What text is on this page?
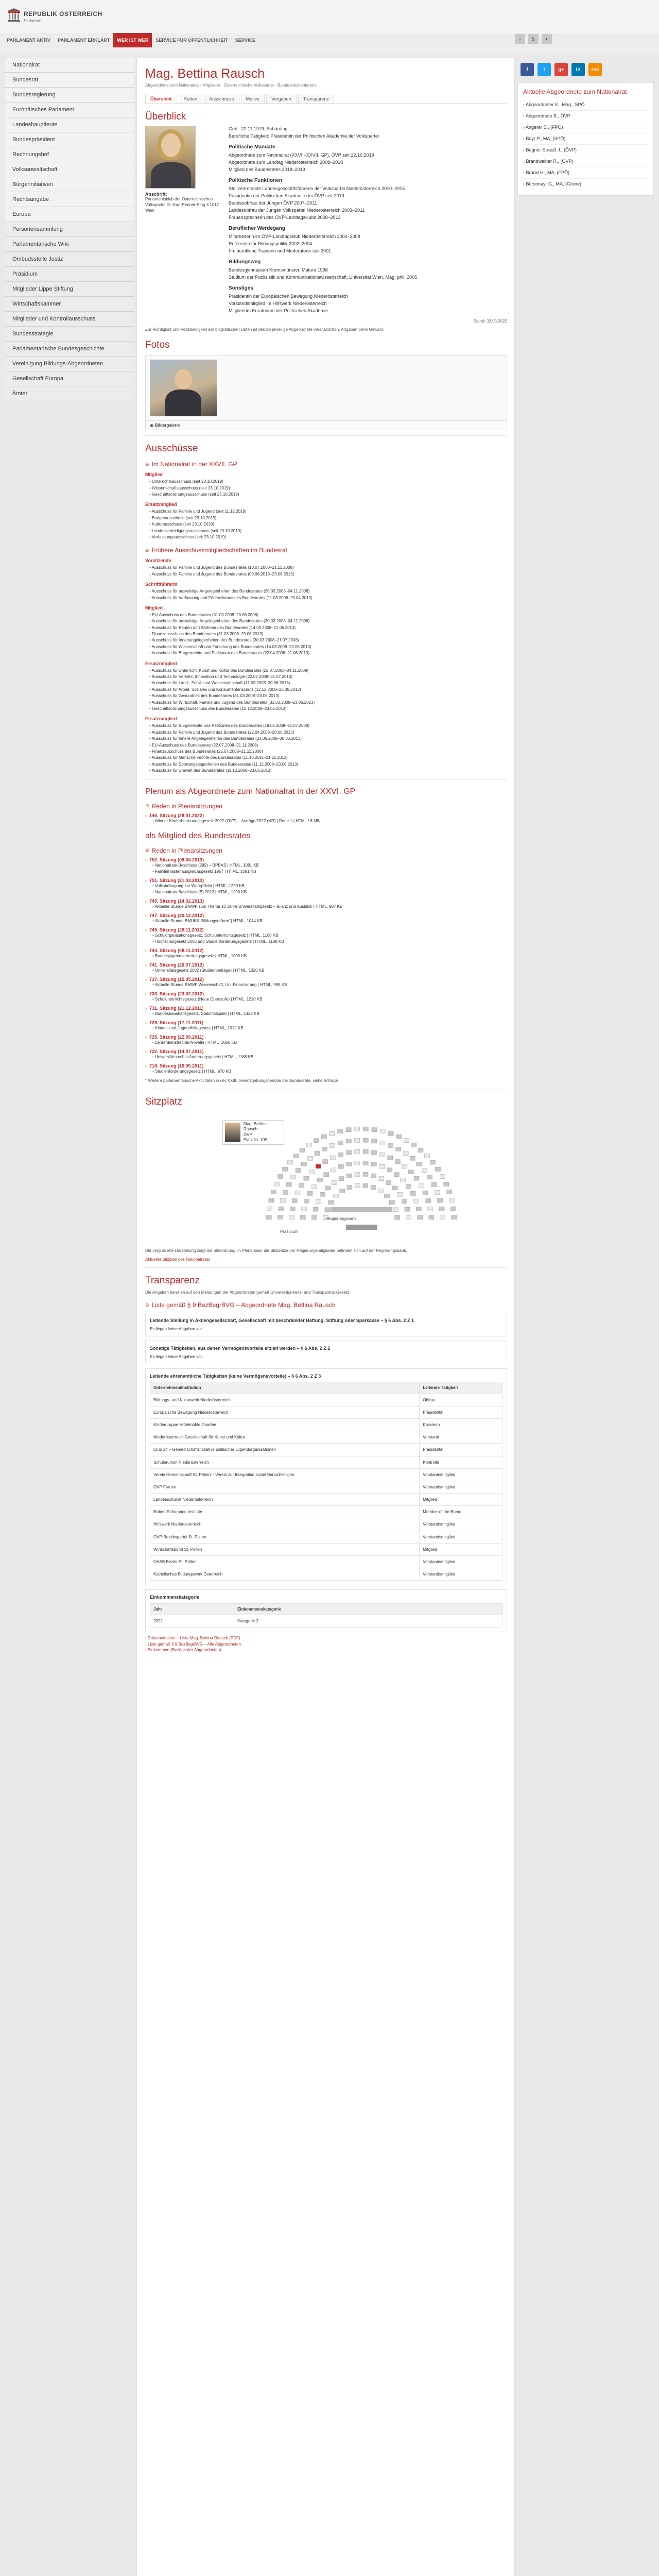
REPUBLIK ÖSTERREICH
Parlament
PARLAMENT AKTIV	PARLAMENT ERKLÄRT	WER IST WER	SERVICE FÜR ÖFFENTLICHKEIT	SERVICE	⌕	♿	◐
Nationalrat
Bundesrat
Bundesregierung
Europäisches Parlament
Landeshauptleute
Bundespräsident
Rechnungshof
Volksanwaltschaft
Bürgerinitiativen
Rechtsangabe
Europa
Personensammlung
Parlamentarische Wiki
Ombudsstelle Justiz
Präsidium
Mitglieder Lippe Stiftung
Wirtschaftskammer
Mitglieder und Kontrollausschuss
Bundesstrategie
Parlamentarische Bundesgeschichte
Vereinigung Bildungs-Abgeordneten
Gesellschaft Europa
Ämter
Mag. Bettina Rausch
Abgeordnete zum Nationalrat · Mitglieder · Österreichische Volkspartei · Bundesratskonferenz
Übersicht	Reden	Ausschüsse	Motive	Vergaben	Transparenz
Überblick
Anschrift:

Parlamentsklub der Österreichischen Volkspartei Dr.-Karl-Renner-Ring 3 1017 Wien

Geb.: 22.11.1979, Schärding

Berufliche Tätigkeit: Präsidentin der Politischen Akademie der Volkspartei

Politische Mandate

Abgeordnete zum Nationalrat (XXVI.–XXVII. GP), ÖVP seit 22.10.2019

Abgeordnete zum Landtag Niederösterreich 2008–2018

Mitglied des Bundesrates 2018–2019

Politische Funktionen

Stellvertretende Landesgeschäftsführerin der Volkspartei Niederösterreich 2010–2015

Präsidentin der Politischen Akademie der ÖVP seit 2019

Bundesobfrau der Jungen ÖVP 2007–2011

Landesobfrau der Jungen Volkspartei Niederösterreich 2003–2011

Frauensprecherin des ÖVP-Landtagsklubs 2008–2013

Beruflicher Werdegang

Mitarbeiterin im ÖVP-Landtagsklub Niederösterreich 2004–2008

Referentin für Bildungspolitik 2002–2004

Freiberufliche Trainerin und Moderatorin seit 2001

Bildungsweg

Bundesgymnasium Kremsmünster, Matura 1998

Studium der Publizistik und Kommunikationswissenschaft, Universität Wien, Mag. phil. 2005

Sonstiges

Präsidentin der Europäischen Bewegung Niederösterreich

Vorstandsmitglied im Hilfswerk Niederösterreich

Mitglied im Kuratorium der Politischen Akademie

Stand: 02.03.2022
Zur Richtigkeit und Vollständigkeit der biografischen Daten ist der/die jeweilige Abgeordnete verantwortlich. Angaben ohne Gewähr.
Fotos
▣ Bildergalerie
Ausschüsse
⊖ Im Nationalrat in der XXVII. GP
Mitglied
• Unterrichtsausschuss (seit 23.10.2019)
• Wissenschaftsausschuss (seit 23.10.2019)
• Geschäftsordnungsausschuss (seit 23.10.2019)
Ersatzmitglied
• Ausschuss für Familie und Jugend (seit 11.12.2019)
• Budgetausschuss (seit 23.10.2019)
• Kulturausschuss (seit 23.10.2019)
• Landesverteidigungsausschuss (seit 23.10.2019)
• Verfassungsausschuss (seit 23.10.2019)
⊖ Frühere Ausschussmitgliedschaften im Bundesrat
Vorsitzende
• Ausschuss für Familie und Jugend des Bundesrates (10.07.2008–21.11.2008)
• Ausschuss für Familie und Jugend des Bundesrates (09.06.2013–23.06.2013)
Schriftführerin
• Ausschuss für auswärtige Angelegenheiten des Bundesrates (30.03.2008–04.11.2008)
• Ausschuss für Verfassung und Föderalismus des Bundesrates (11.03.2008–23.04.2013)
Mitglied
• EU-Ausschuss des Bundesrates (31.03.2008–23.06.2008)
• Ausschuss für auswärtige Angelegenheiten des Bundesrates (30.03.2008–04.11.2008)
• Ausschuss für Bauten und Wohnen des Bundesrates (14.03.2008–21.06.2013)
• Finanzausschuss des Bundesrates (31.03.2008–23.06.2013)
• Ausschuss für Innenangelegenheiten des Bundesrates (30.03.2008–21.07.2008)
• Ausschuss für Wissenschaft und Forschung des Bundesrates (14.03.2008–23.06.2013)
• Ausschuss für Bürgerrechte und Petitionen des Bundesrates (22.04.2008–21.06.2013)
Ersatzmitglied
• Ausschuss für Unterricht, Kunst und Kultur des Bundesrates (22.07.2008–04.11.2008)
• Ausschuss für Verkehr, Innovation und Technologie (22.07.2008–31.07.2013)
• Ausschuss für Land-, Forst- und Wasserwirtschaft (31.03.2008–30.06.2013)
• Ausschuss für Arbeit, Soziales und Konsumentenschutz (12.12.2008–23.06.2013)
• Ausschuss für Gesundheit des Bundesrates (31.03.2008–23.06.2013)
• Ausschuss für Wirtschaft, Familie und Jugend des Bundesrates (31.03.2008–23.06.2013)
• Geschäftsordnungsausschuss des Bundesrates (12.12.2008–23.06.2013)
Ersatzmitglied
• Ausschuss für Bürgerrechte und Petitionen des Bundesrates (19.05.2008–21.07.2008)
• Ausschuss für Familie und Jugend des Bundesrates (22.04.2008–20.06.2013)
• Ausschuss für Innere Angelegenheiten des Bundesrates (23.06.2008–30.06.2013)
• EU-Ausschuss des Bundesrates (22.07.2008–21.11.2008)
• Finanzausschuss des Bundesrates (22.07.2008–21.11.2008)
• Ausschuss für Menschenrechte des Bundesrates (11.10.2011–21.11.2013)
• Ausschuss für Sportangelegenheiten des Bundesrates (11.12.2008–23.06.2013)
• Ausschuss für Umwelt des Bundesrates (11.12.2008–23.06.2013)
Plenum als Abgeordnete zum Nationalrat in der XXVI. GP
⊖ Reden in Plenarsitzungen
› 146. Sitzung (28.01.2022)
• Wiener Kinderbetreuungsgesetz 2022 (ÖVP) – Anträge/2022 (NR) | Rede 1 | HTML / 6 MB
als Mitglied des Bundesrates
⊖ Reden in Plenarsitzungen
› 752. Sitzung (09.04.2013)
• Nationalrats-Beschluss (299) – BPBAS | HTML, 1081 KB
• Familienlastenausgleichsgesetz 1967 | HTML, 1081 KB
› 751. Sitzung (21.03.2013)
• Volksbefragung zur Wehrpflicht | HTML, 1290 KB
• Nationalrats-Beschluss (B) 2012 | HTML, 1290 KB
› 749. Sitzung (14.02.2013)
• Aktuelle Stunde BMWF zum Thema 10 Jahre Universitätsgesetz – Bilanz und Ausblick | HTML, 987 KB
› 747. Sitzung (20.12.2012)
• Aktuelle Stunde BMUKK 'Bildungsreform' | HTML, 1044 KB
› 745. Sitzung (29.11.2012)
• Schulorganisationsgesetz, Schulunterrichtsgesetz | HTML, 1108 KB
• Hochschulgesetz 2005 und Studienförderungsgesetz | HTML, 1108 KB
› 744. Sitzung (08.11.2012)
• Bundesjugendvertretungsgesetz | HTML, 1005 KB
› 741. Sitzung (26.07.2012)
• Universitätsgesetz 2002 (Studienbeiträge) | HTML, 1320 KB
› 737. Sitzung (15.05.2012)
• Aktuelle Stunde BMWF Wissenschaft, Uni-Finanzierung | HTML, 998 KB
› 733. Sitzung (23.02.2012)
• Schulunterrichtsgesetz (Neue Oberstufe) | HTML, 1210 KB
› 731. Sitzung (21.12.2011)
• Bundeshaushaltsgesetz, Stabilitätspakt | HTML, 1422 KB
› 728. Sitzung (17.11.2011)
• Kinder- und Jugendhilfegesetz | HTML, 1012 KB
› 725. Sitzung (22.09.2011)
• Lehrerdienstrechts-Novelle | HTML, 1066 KB
› 722. Sitzung (14.07.2011)
• Universitätsrechts-Änderungsgesetz | HTML, 1188 KB
› 718. Sitzung (19.05.2011)
• Studienförderungsgesetz | HTML, 970 KB
* Weitere parlamentarische Aktivitäten in der XXIII. Gesetzgebungsperiode der Bundesräte, siehe Anfrage
Sitzplatz
Mag. Bettina Rausch
ÖVP
Platz Nr. 105
Regierungsbank
Präsidium
Die vergrößerte Darstellung zeigt die Sitzordnung im Plenarsaal; die Sitzplätze der Regierungsmitglieder befinden sich auf der Regierungsbank.
Aktueller Sitzplan des Nationalrates
Transparenz
Die Angaben beruhen auf den Meldungen der Abgeordneten gemäß Unvereinbarkeits- und Transparenz-Gesetz.
⊖ Liste gemäß § 9 BezBegrBVG – Abgeordnete Mag. Bettina Rausch
Leitende Stellung in Aktiengesellschaft, Gesellschaft mit beschränkter Haftung, Stiftung oder Sparkasse – § 6 Abs. 2 Z 1
Es liegen keine Angaben vor.
Sonstige Tätigkeiten, aus denen Vermögensvorteile erzielt werden – § 6 Abs. 2 Z 2
Es liegen keine Angaben vor.
Leitende ehrenamtliche Tätigkeiten (keine Vermögensvorteile) – § 6 Abs. 2 Z 3
Unternehmen/Institution	Leitende Tätigkeit
Bildungs- und Kulturwerk Niederösterreich	Obfrau
Europäische Bewegung Niederösterreich	Präsidentin
Kindergruppe Mittelmühle Gaaden	Kassierin
Niederösterreich Gesellschaft für Kunst und Kultur	Vorstand
Club 34 – Gemeinschaftsinitiative politischer Jugendorganisationen	Präsidentin
Schülerunion Niederösterreich	Kontrolle
Verein Gemeinschaft St. Pölten – Verein zur Integration sozial Benachteiligter	Vorstandsmitglied
ÖVP Frauen	Vorstandsmitglied
Landesschulrat Niederösterreich	Mitglied
Robert Schumann Institute	Member of the Board
Hilfswerk Niederösterreich	Vorstandsmitglied
ÖVP-Bezirkspartei St. Pölten	Vorstandsmitglied
Wirtschaftsbund St. Pölten	Mitglied
ÖAAB Bezirk St. Pölten	Vorstandsmitglied
Katholisches Bildungswerk Österreich	Vorstandsmitglied
Einkommenskategorie
Jahr	Einkommenskategorie
2022	Kategorie 2
› Dokumentation – Liste Mag. Bettina Rausch (PDF)
› Liste gemäß § 9 BezBegrBVG – Alle Abgeordneten
› Einkommen (Bezüge der Abgeordneten)
f	t	g+	in	rss
Aktuelle Abgeordnete zum Nationalrat
› Abgeordneter K., Mag., SPÖ
› Abgeordnete B., ÖVP
› Angerer E., (FPÖ)
› Bayr P., MA, (SPÖ)
› Bogner-Strauß J., (ÖVP)
› Brandweiner R., (ÖVP)
› Brückl H., MA, (FPÖ)
› Bürstmayr G., MA, (Grüne)
